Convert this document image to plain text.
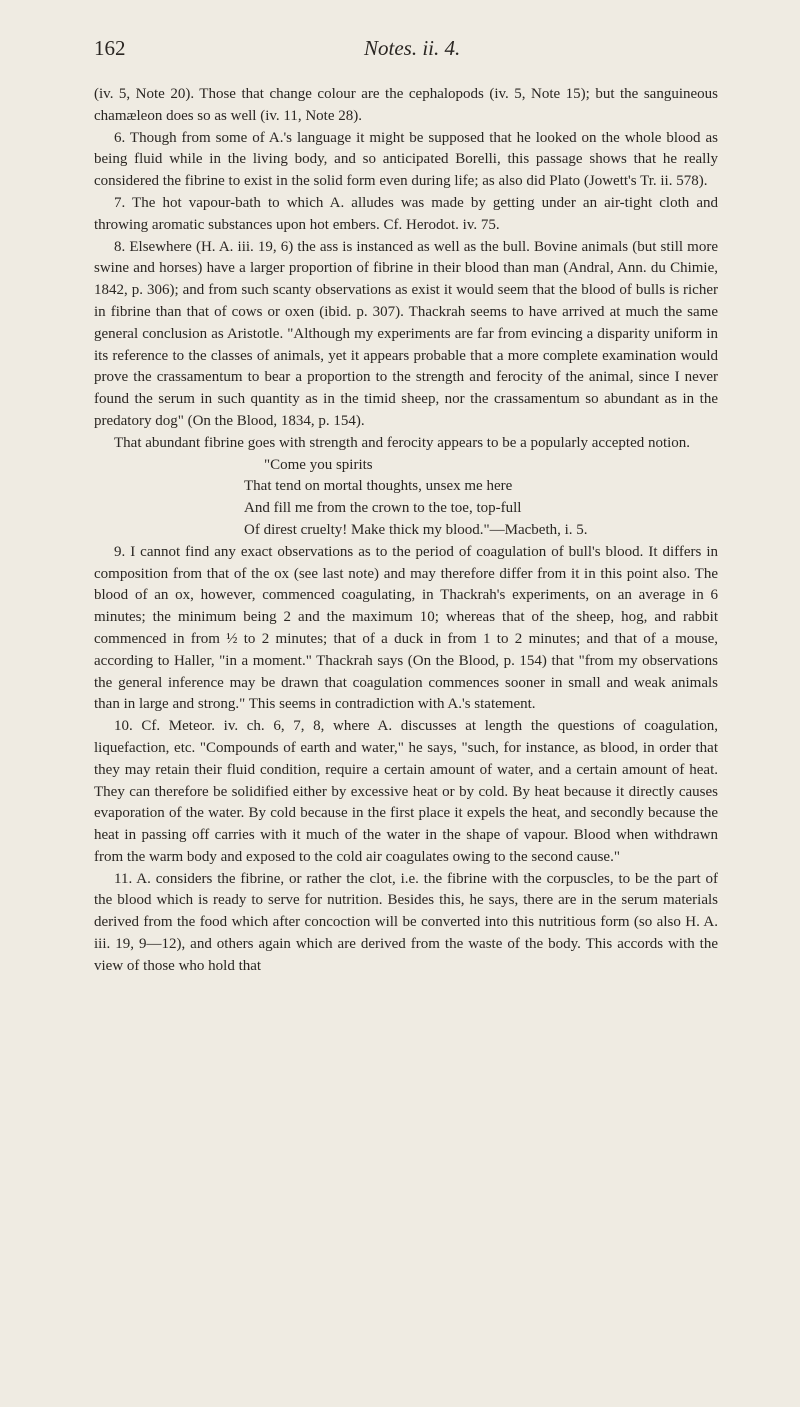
162	Notes. ii. 4.

(iv. 5, Note 20). Those that change colour are the cephalopods (iv. 5, Note 15); but the sanguineous chamæleon does so as well (iv. 11, Note 28).

6. Though from some of A.'s language it might be supposed that he looked on the whole blood as being fluid while in the living body, and so anticipated Borelli, this passage shows that he really considered the fibrine to exist in the solid form even during life; as also did Plato (Jowett's Tr. ii. 578).

7. The hot vapour-bath to which A. alludes was made by getting under an air-tight cloth and throwing aromatic substances upon hot embers. Cf. Herodot. iv. 75.

8. Elsewhere (H. A. iii. 19, 6) the ass is instanced as well as the bull. Bovine animals (but still more swine and horses) have a larger proportion of fibrine in their blood than man (Andral, Ann. du Chimie, 1842, p. 306); and from such scanty observations as exist it would seem that the blood of bulls is richer in fibrine than that of cows or oxen (ibid. p. 307). Thackrah seems to have arrived at much the same general conclusion as Aristotle. "Although my experiments are far from evincing a disparity uniform in its reference to the classes of animals, yet it appears probable that a more complete examination would prove the crassamentum to bear a proportion to the strength and ferocity of the animal, since I never found the serum in such quantity as in the timid sheep, nor the crassamentum so abundant as in the predatory dog" (On the Blood, 1834, p. 154).

That abundant fibrine goes with strength and ferocity appears to be a popularly accepted notion.

"Come you spirits

That tend on mortal thoughts, unsex me here

And fill me from the crown to the toe, top-full

Of direst cruelty! Make thick my blood."—Macbeth, i. 5.

9. I cannot find any exact observations as to the period of coagulation of bull's blood. It differs in composition from that of the ox (see last note) and may therefore differ from it in this point also. The blood of an ox, however, commenced coagulating, in Thackrah's experiments, on an average in 6 minutes; the minimum being 2 and the maximum 10; whereas that of the sheep, hog, and rabbit commenced in from ½ to 2 minutes; that of a duck in from 1 to 2 minutes; and that of a mouse, according to Haller, "in a moment." Thackrah says (On the Blood, p. 154) that "from my observations the general inference may be drawn that coagulation commences sooner in small and weak animals than in large and strong." This seems in contradiction with A.'s statement.

10. Cf. Meteor. iv. ch. 6, 7, 8, where A. discusses at length the questions of coagulation, liquefaction, etc. "Compounds of earth and water," he says, "such, for instance, as blood, in order that they may retain their fluid condition, require a certain amount of water, and a certain amount of heat. They can therefore be solidified either by excessive heat or by cold. By heat because it directly causes evaporation of the water. By cold because in the first place it expels the heat, and secondly because the heat in passing off carries with it much of the water in the shape of vapour. Blood when withdrawn from the warm body and exposed to the cold air coagulates owing to the second cause."

11. A. considers the fibrine, or rather the clot, i.e. the fibrine with the corpuscles, to be the part of the blood which is ready to serve for nutrition. Besides this, he says, there are in the serum materials derived from the food which after concoction will be converted into this nutritious form (so also H. A. iii. 19, 9—12), and others again which are derived from the waste of the body. This accords with the view of those who hold that
